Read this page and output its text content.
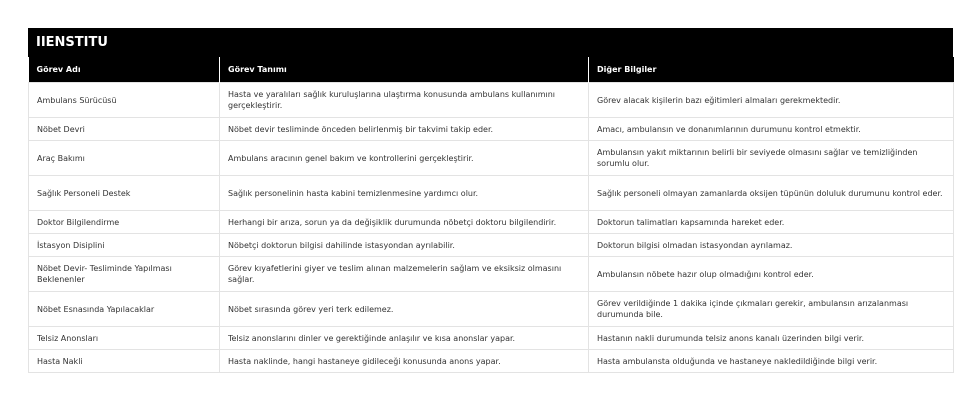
IIENSTITU
Görev Adı	Görev Tanımı	Diğer Bilgiler
Ambulans Sürücüsü	Hasta ve yaralıları sağlık kuruluşlarına ulaştırma konusunda ambulans kullanımını gerçekleştirir.	Görev alacak kişilerin bazı eğitimleri almaları gerekmektedir.
Nöbet Devri	Nöbet devir tesliminde önceden belirlenmiş bir takvimi takip eder.	Amacı, ambulansın ve donanımlarının durumunu kontrol etmektir.
Araç Bakımı	Ambulans aracının genel bakım ve kontrollerini gerçekleştirir.	Ambulansın yakıt miktarının belirli bir seviyede olmasını sağlar ve temizliğinden sorumlu olur.
Sağlık Personeli Destek	Sağlık personelinin hasta kabini temizlenmesine yardımcı olur.	Sağlık personeli olmayan zamanlarda oksijen tüpünün doluluk durumunu kontrol eder.
Doktor Bilgilendirme	Herhangi bir arıza, sorun ya da değişiklik durumunda nöbetçi doktoru bilgilendirir.	Doktorun talimatları kapsamında hareket eder.
İstasyon Disiplini	Nöbetçi doktorun bilgisi dahilinde istasyondan ayrılabilir.	Doktorun bilgisi olmadan istasyondan ayrılamaz.
Nöbet Devir- Tesliminde Yapılması Beklenenler	Görev kıyafetlerini giyer ve teslim alınan malzemelerin sağlam ve eksiksiz olmasını sağlar.	Ambulansın nöbete hazır olup olmadığını kontrol eder.
Nöbet Esnasında Yapılacaklar	Nöbet sırasında görev yeri terk edilemez.	Görev verildiğinde 1 dakika içinde çıkmaları gerekir, ambulansın arızalanması durumunda bile.
Telsiz Anonsları	Telsiz anonslarını dinler ve gerektiğinde anlaşılır ve kısa anonslar yapar.	Hastanın nakli durumunda telsiz anons kanalı üzerinden bilgi verir.
Hasta Nakli	Hasta naklinde, hangi hastaneye gidileceği konusunda anons yapar.	Hasta ambulansta olduğunda ve hastaneye nakledildiğinde bilgi verir.
